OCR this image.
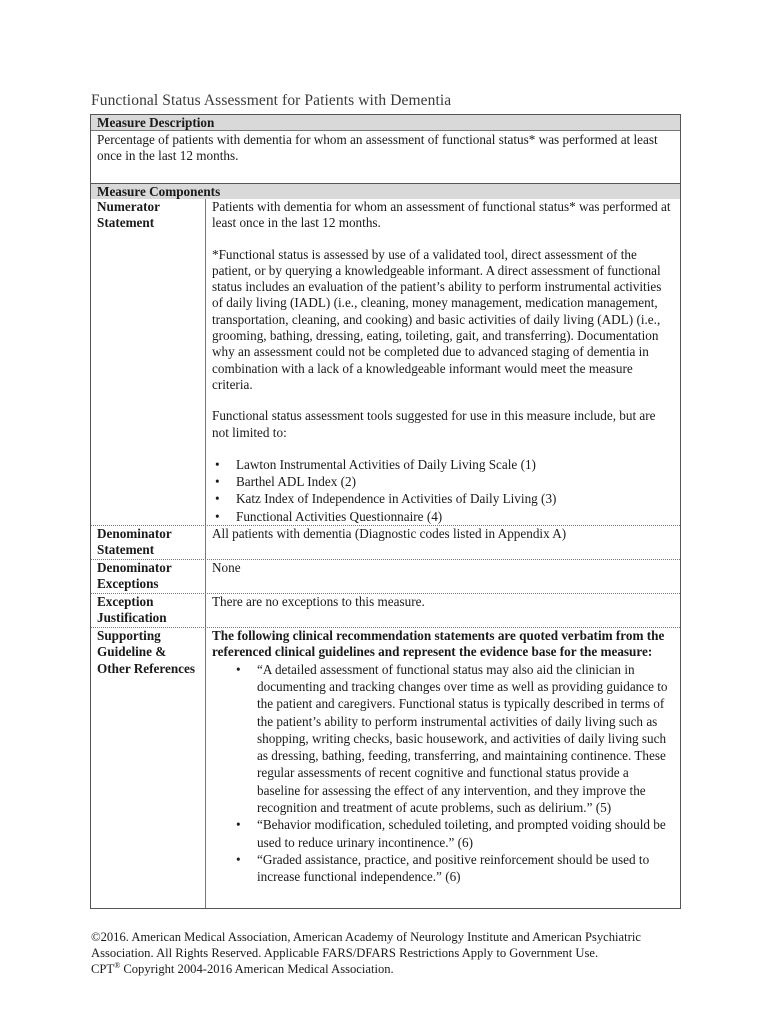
Functional Status Assessment for Patients with Dementia
Measure Description
Percentage of patients with dementia for whom an assessment of functional status* was performed at least once in the last 12 months.
Measure Components
Numerator Statement

Patients with dementia for whom an assessment of functional status* was performed at least once in the last 12 months.

*Functional status is assessed by use of a validated tool, direct assessment of the patient, or by querying a knowledgeable informant. A direct assessment of functional status includes an evaluation of the patient’s ability to perform instrumental activities of daily living (IADL) (i.e., cleaning, money management, medication management, transportation, cleaning, and cooking) and basic activities of daily living (ADL) (i.e., grooming, bathing, dressing, eating, toileting, gait, and transferring). Documentation why an assessment could not be completed due to advanced staging of dementia in combination with a lack of a knowledgeable informant would meet the measure criteria.

Functional status assessment tools suggested for use in this measure include, but are not limited to:

• Lawton Instrumental Activities of Daily Living Scale (1)
• Barthel ADL Index (2)
• Katz Index of Independence in Activities of Daily Living (3)
• Functional Activities Questionnaire (4)
Denominator Statement
All patients with dementia (Diagnostic codes listed in Appendix A)
Denominator Exceptions
None
Exception Justification
There are no exceptions to this measure.
Supporting Guideline & Other References
The following clinical recommendation statements are quoted verbatim from the referenced clinical guidelines and represent the evidence base for the measure:
• “A detailed assessment of functional status may also aid the clinician in documenting and tracking changes over time as well as providing guidance to the patient and caregivers. Functional status is typically described in terms of the patient’s ability to perform instrumental activities of daily living such as shopping, writing checks, basic housework, and activities of daily living such as dressing, bathing, feeding, transferring, and maintaining continence. These regular assessments of recent cognitive and functional status provide a baseline for assessing the effect of any intervention, and they improve the recognition and treatment of acute problems, such as delirium.” (5)
• “Behavior modification, scheduled toileting, and prompted voiding should be used to reduce urinary incontinence.” (6)
• “Graded assistance, practice, and positive reinforcement should be used to increase functional independence.” (6)
©2016. American Medical Association, American Academy of Neurology Institute and American Psychiatric Association. All Rights Reserved. Applicable FARS/DFARS Restrictions Apply to Government Use.
CPT® Copyright 2004-2016 American Medical Association.
